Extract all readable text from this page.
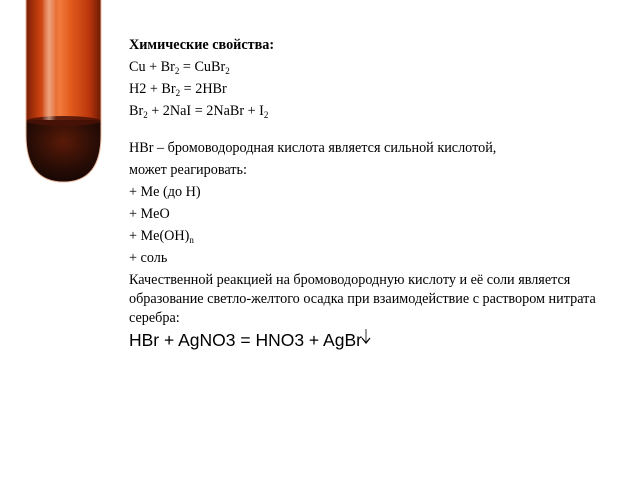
Химические свойства:
$Cu + Br_2$ = CuBr$_2$
$H2 + Br_2 = 2HBr$
$Br_2 + 2NaI$ = 2NaBr + $I_2$
HBr – бромоводородная кислота является сильной кислотой,
может реагировать:
+ Me (до H)
+ MeO
+ $Me(OH)_n$
+ соль
Качественной реакцией на бромоводородную кислоту и её соли является образование светло-желтого осадка при взаимодействие с раствором нитрата серебра:
HBr + AgNO3 = HNO3 + AgBr
